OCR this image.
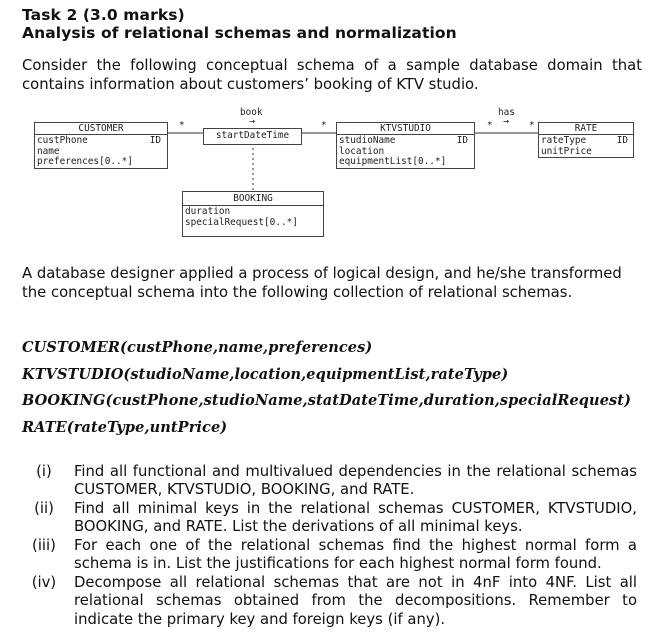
Task 2 (3.0 marks)
Analysis of relational schemas and normalization
Consider the following conceptual schema of a sample database domain that contains information about customers’ booking of KTV studio.
book
→
has
→
*	*	*	*
CUSTOMER
custPhone
name
preferences[0..*]
ID	startDateTime
KTVSTUDIO
studioName
location
equipmentList[0..*]
ID
RATE
rateType
unitPrice
ID
BOOKING
duration
specialRequest[0..*]
A database designer applied a process of logical design, and he/she transformed the conceptual schema into the following collection of relational schemas.
CUSTOMER(custPhone,name,preferences)
KTVSTUDIO(studioName,location,equipmentList,rateType)
BOOKING(custPhone,studioName,statDateTime,duration,specialRequest)
RATE(rateType,untPrice)
(i)	Find all functional and multivalued dependencies in the relational schemas CUSTOMER, KTVSTUDIO, BOOKING, and RATE.
(ii)	Find all minimal keys in the relational schemas CUSTOMER, KTVSTUDIO, BOOKING, and RATE. List the derivations of all minimal keys.
(iii)	For each one of the relational schemas find the highest normal form a schema is in. List the justifications for each highest normal form found.
(iv)	Decompose all relational schemas that are not in 4nF into 4NF. List all relational schemas obtained from the decompositions. Remember to indicate the primary key and foreign keys (if any).
